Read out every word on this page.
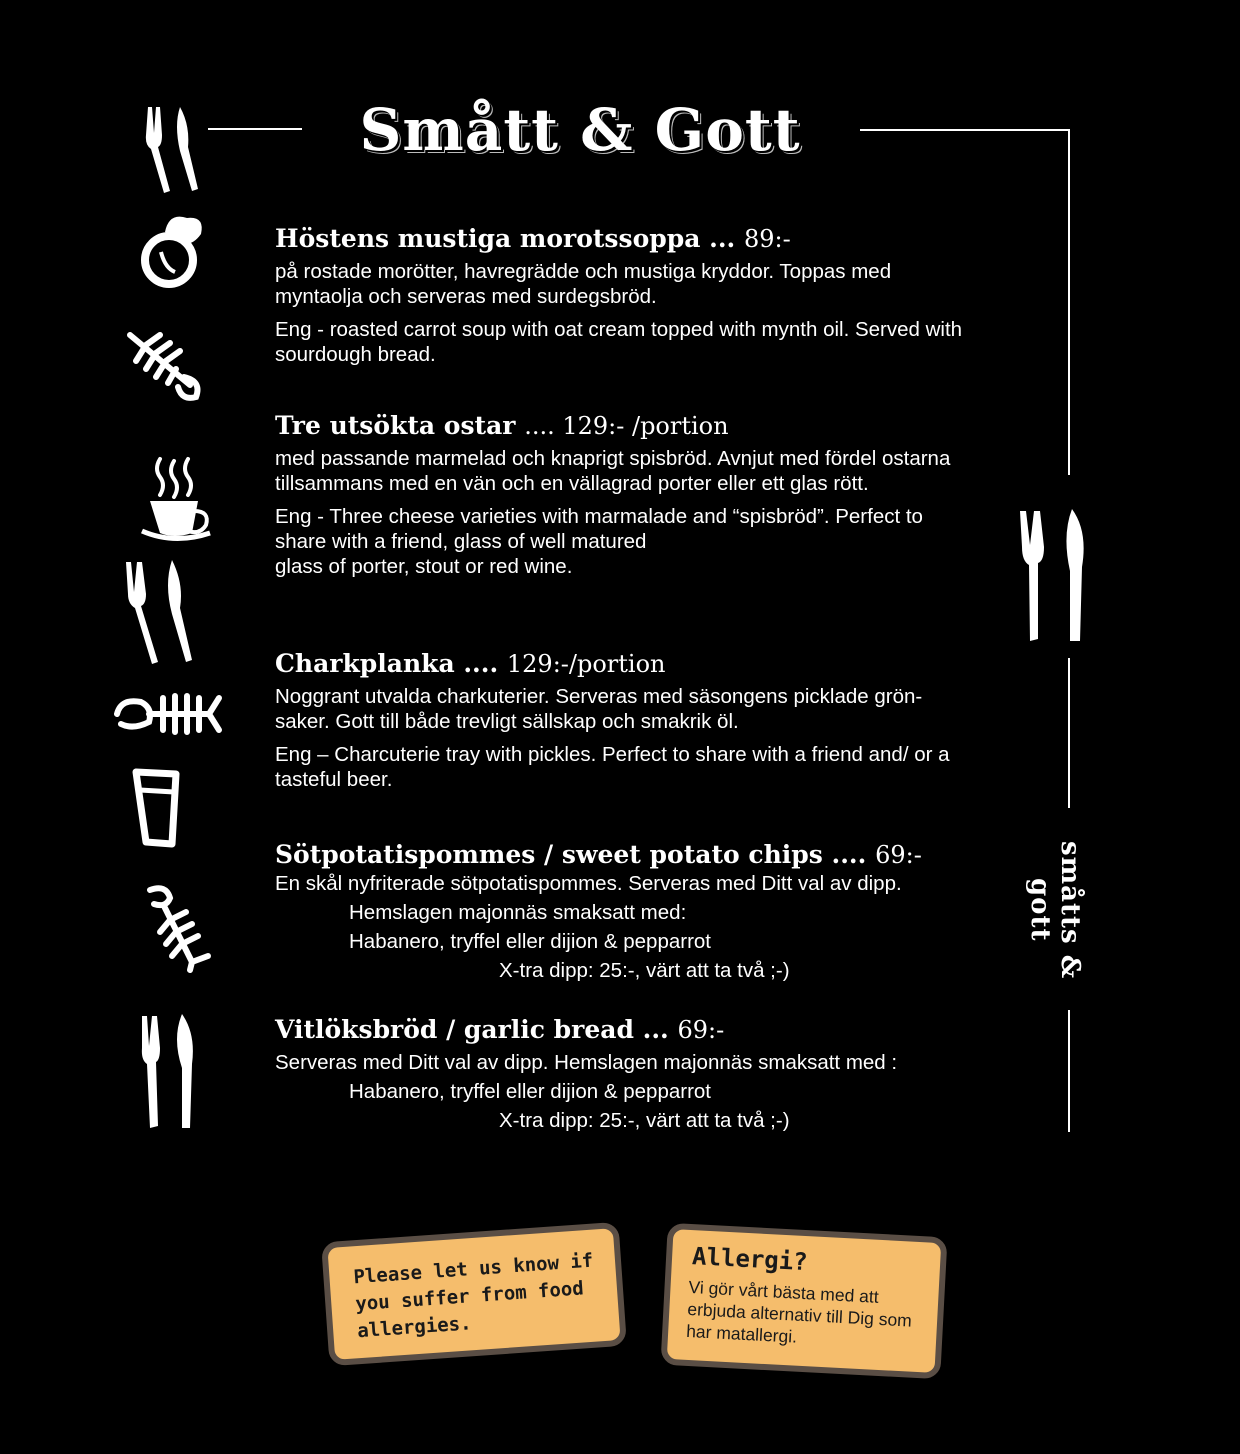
Smått & Gott
småtts & gott
Höstens mustiga morotssoppa ... 89:-
på rostade morötter, havregrädde och mustiga kryddor. Toppas med myntaolja och serveras med surdegsbröd.
Eng - roasted carrot soup with oat cream topped with mynth oil. Served with sourdough bread.
Tre utsökta ostar .... 129:- /portion
med passande marmelad och knaprigt spisbröd. Avnjut med fördel ostarna tillsammans med en vän och en vällagrad porter eller ett glas rött.
Eng - Three cheese varieties with marmalade and “spisbröd”. Perfect to share with a friend, glass of well matured
glass of porter, stout or red wine.
Charkplanka .... 129:-/portion
Noggrant utvalda charkuterier. Serveras med säsongens picklade grön-saker. Gott till både trevligt sällskap och smakrik öl.
Eng – Charcuterie tray with pickles. Perfect to share with a friend and/ or a tasteful beer.
Sötpotatispommes / sweet potato chips .... 69:-
En skål nyfriterade sötpotatispommes. Serveras med Ditt val av dipp.
Hemslagen majonnäs smaksatt med:
Habanero, tryffel eller dijion & pepparrot
X-tra dipp: 25:-, värt att ta två ;-)
Vitlöksbröd / garlic bread ... 69:-
Serveras med Ditt val av dipp. Hemslagen majonnäs smaksatt med :
Habanero, tryffel eller dijion & pepparrot
X-tra dipp: 25:-, värt att ta två ;-)
Please let us know if
you suffer from food
allergies.
Allergi?
Vi gör vårt bästa med att erbjuda alternativ till Dig som har matallergi.
